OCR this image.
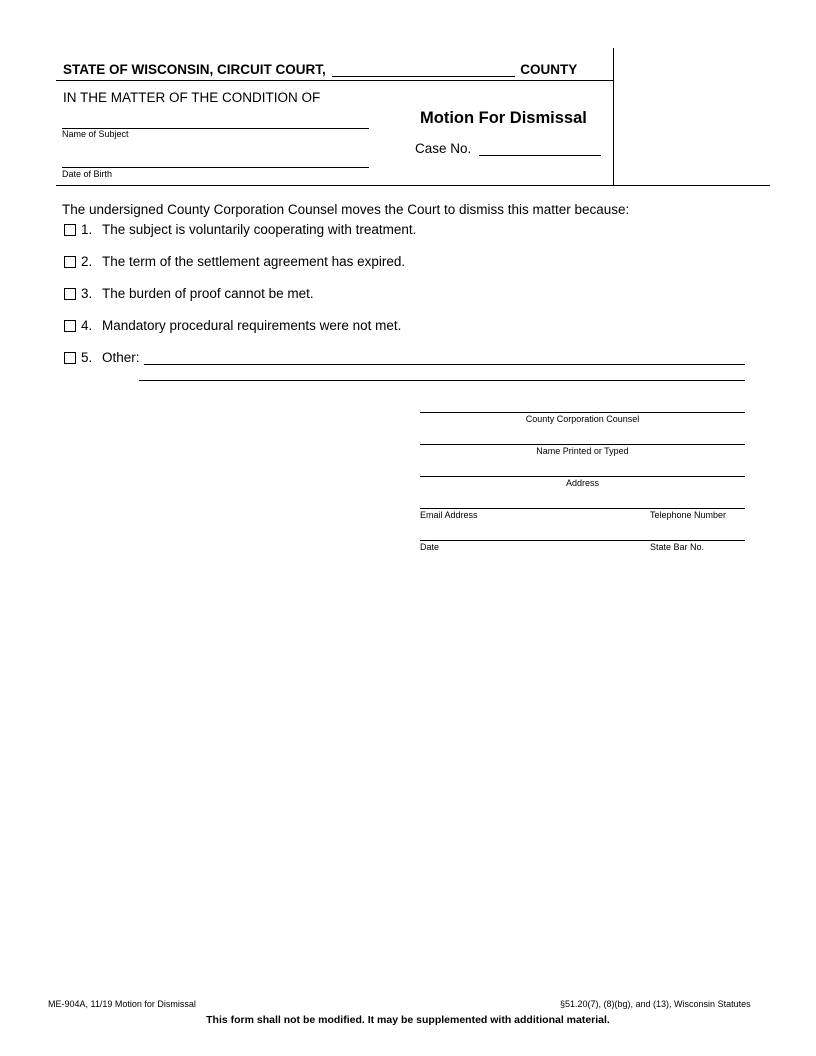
STATE OF WISCONSIN, CIRCUIT COURT,	COUNTY
IN THE MATTER OF THE CONDITION OF
Name of Subject
Date of Birth
Motion For Dismissal
Case No.
The undersigned County Corporation Counsel moves the Court to dismiss this matter because:
1. The subject is voluntarily cooperating with treatment.
2. The term of the settlement agreement has expired.
3. The burden of proof cannot be met.
4. Mandatory procedural requirements were not met.
5. Other:
County Corporation Counsel
Name Printed or Typed
Address
Email Address	Telephone Number
Date	State Bar No.
ME-904A, 11/19 Motion for Dismissal	§51.20(7), (8)(bg), and (13), Wisconsin Statutes
This form shall not be modified. It may be supplemented with additional material.
